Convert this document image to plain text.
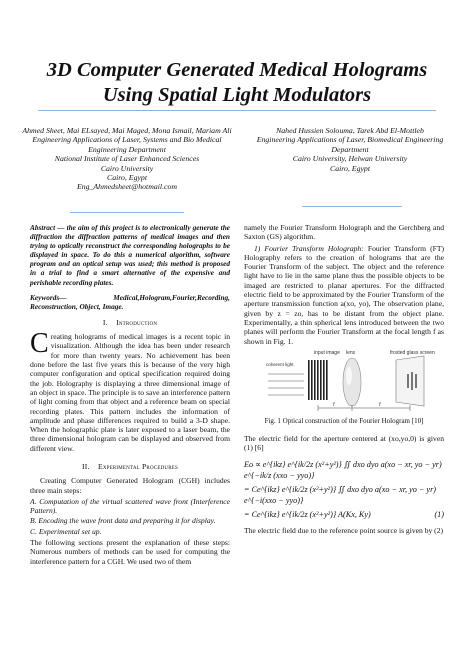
3D Computer Generated Medical Holograms
Using Spatial Light Modulators
Ahmed Sheet, Mai ELsayed, Mai Maged, Mona Ismail, Mariam Ali
Engineering Applications of Laser, Systems and Bio Medical Engineering Department
National Institute of Laser Enhanced Sciences
Cairo University
Cairo, Egypt
Eng_Ahmedsheet@hotmail.com
Nahed Hussien Solouma, Tarek Abd El-Mottleb
Engineering Applications of Laser, Biomedical Engineering Department
Cairo University, Helwan University
Cairo, Egypt

Abstract — the aim of this project is to electronically generate the diffraction the diffraction patterns of medical images and then trying to optically reconstruct the corresponding holographs to be displayed in space. To do this a numerical algorithm, software program and an optical setup was used; this method is proposed in a trial to find a smart alternative of the expensive and perishable recording plates.

Keywords— Medical,Hologram,Fourier,Recording, Reconstruction, Object, Image.

I. Introduction

C reating holograms of medical images is a recent topic in visualization. Although the idea has been under research for more than twenty years. No achievement has been done before the last five years this is because of the very high computer configuration and optical specification required doing the job. Holography is displaying a three dimensional image of an object in space. The principle is to save an interference pattern of light coming from that object and a reference beam on special recording plates. This pattern includes the information of amplitude and phase differences required to build a 3-D shape. When the holographic plate is later exposed to a laser beam, the three dimensional hologram can be displayed and observed from different view.

II. Experimental Procedures

Creating Computer Generated Hologram (CGH) includes three main steps:

A. Computation of the virtual scattered wave front (Interference Pattern).
B. Encoding the wave front data and preparing it for display.
C. Experimental set up.

The following sections present the explanation of these steps: Numerous numbers of methods can be used for computing the interference pattern for a CGH. We used two of them

namely the Fourier Transform Holograph and the Gerchberg and Saxton (GS) algorithm.

1) Fourier Transform Holograph: Fourier Transform (FT) Holography refers to the creation of holograms that are the Fourier Transform of the subject. The object and the reference light have to lie in the same plane thus the possible objects to be imaged are restricted to planar apertures. For the diffracted electric field to be approximated by the Fourier Transform of the aperture transmission function a(xo, yo), The observation plane, given by z = zo, has to be distant from the object plane. Experimentally, a thin spherical lens introduced between the two planes will perform the Fourier Transform at the focal length f as shown in Fig. 1.

input image lens	frosted glass screen
coherent light
f	f
Fig. 1 Optical construction of the Fourier Hologram [10]

The electric field for the aperture centered at (xo,yo,0) is given (1) [6]

Eo ∝ e^{ikz} e^{ik/2z (x²+y²)} ∬ dxo dyo a(xo − xr, yo − yr) e^{−ik/z (xxo − yyo)}
= Ce^{ikz} e^{ik/2z (x²+y²)} ∬ dxo dyo a(xo − xr, yo − yr) e^{−i(xxo − yyo)}
(1)
= Ce^{ikz} e^{ik/2z (x²+y²)} A(Kx, Ky)

The electric field due to the reference point source is given by (2)
